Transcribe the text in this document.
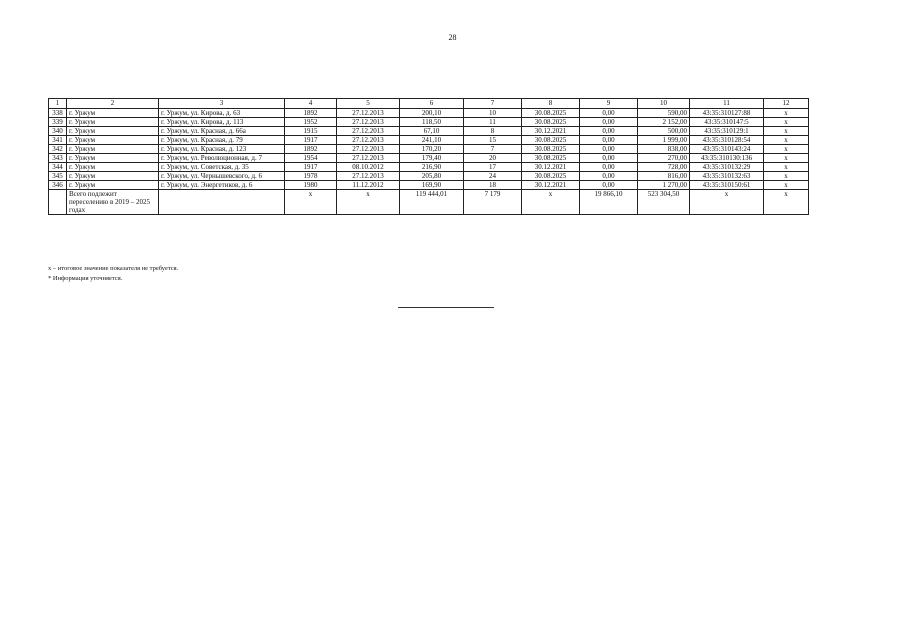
28
1	2	3	4	5	6	7	8	9	10	11	12
338	г. Уржум	г. Уржум, ул. Кирова, д. 63	1892	27.12.2013	200,10	10	30.08.2025	0,00	590,00	43:35:310127:88	х
339	г. Уржум	г. Уржум, ул. Кирова, д. 113	1952	27.12.2013	118,50	11	30.08.2025	0,00	2 152,00	43:35:310147:5	х
340	г. Уржум	г. Уржум, ул. Красная, д. 66а	1915	27.12.2013	67,10	8	30.12.2021	0,00	500,00	43:35:310129:1	х
341	г. Уржум	г. Уржум, ул. Красная, д. 79	1917	27.12.2013	241,10	15	30.08.2025	0,00	1 999,00	43:35:310128:54	х
342	г. Уржум	г. Уржум, ул. Красная, д. 123	1892	27.12.2013	170,20	7	30.08.2025	0,00	838,00	43:35:310143:24	х
343	г. Уржум	г. Уржум, ул. Революционная, д. 7	1954	27.12.2013	179,40	20	30.08.2025	0,00	270,00	43:35:310130:136	х
344	г. Уржум	г. Уржум, ул. Советская, д. 35	1917	08.10.2012	216,90	17	30.12.2021	0,00	728,00	43:35:310132:29	х
345	г. Уржум	г. Уржум, ул. Чернышевского, д. 6	1978	27.12.2013	205,80	24	30.08.2025	0,00	816,00	43:35:310132:63	х
346	г. Уржум	г. Уржум, ул. Энергетиков, д. 6	1980	11.12.2012	169,90	18	30.12.2021	0,00	1 270,00	43:35:310150:61	х
	Всего подлежит переселению в 2019 – 2025 годах		х	х	119 444,01	7 179	х	19 866,10	523 304,50	х	х
х – итоговое значение показателя не требуется.
* Информация уточняется.
